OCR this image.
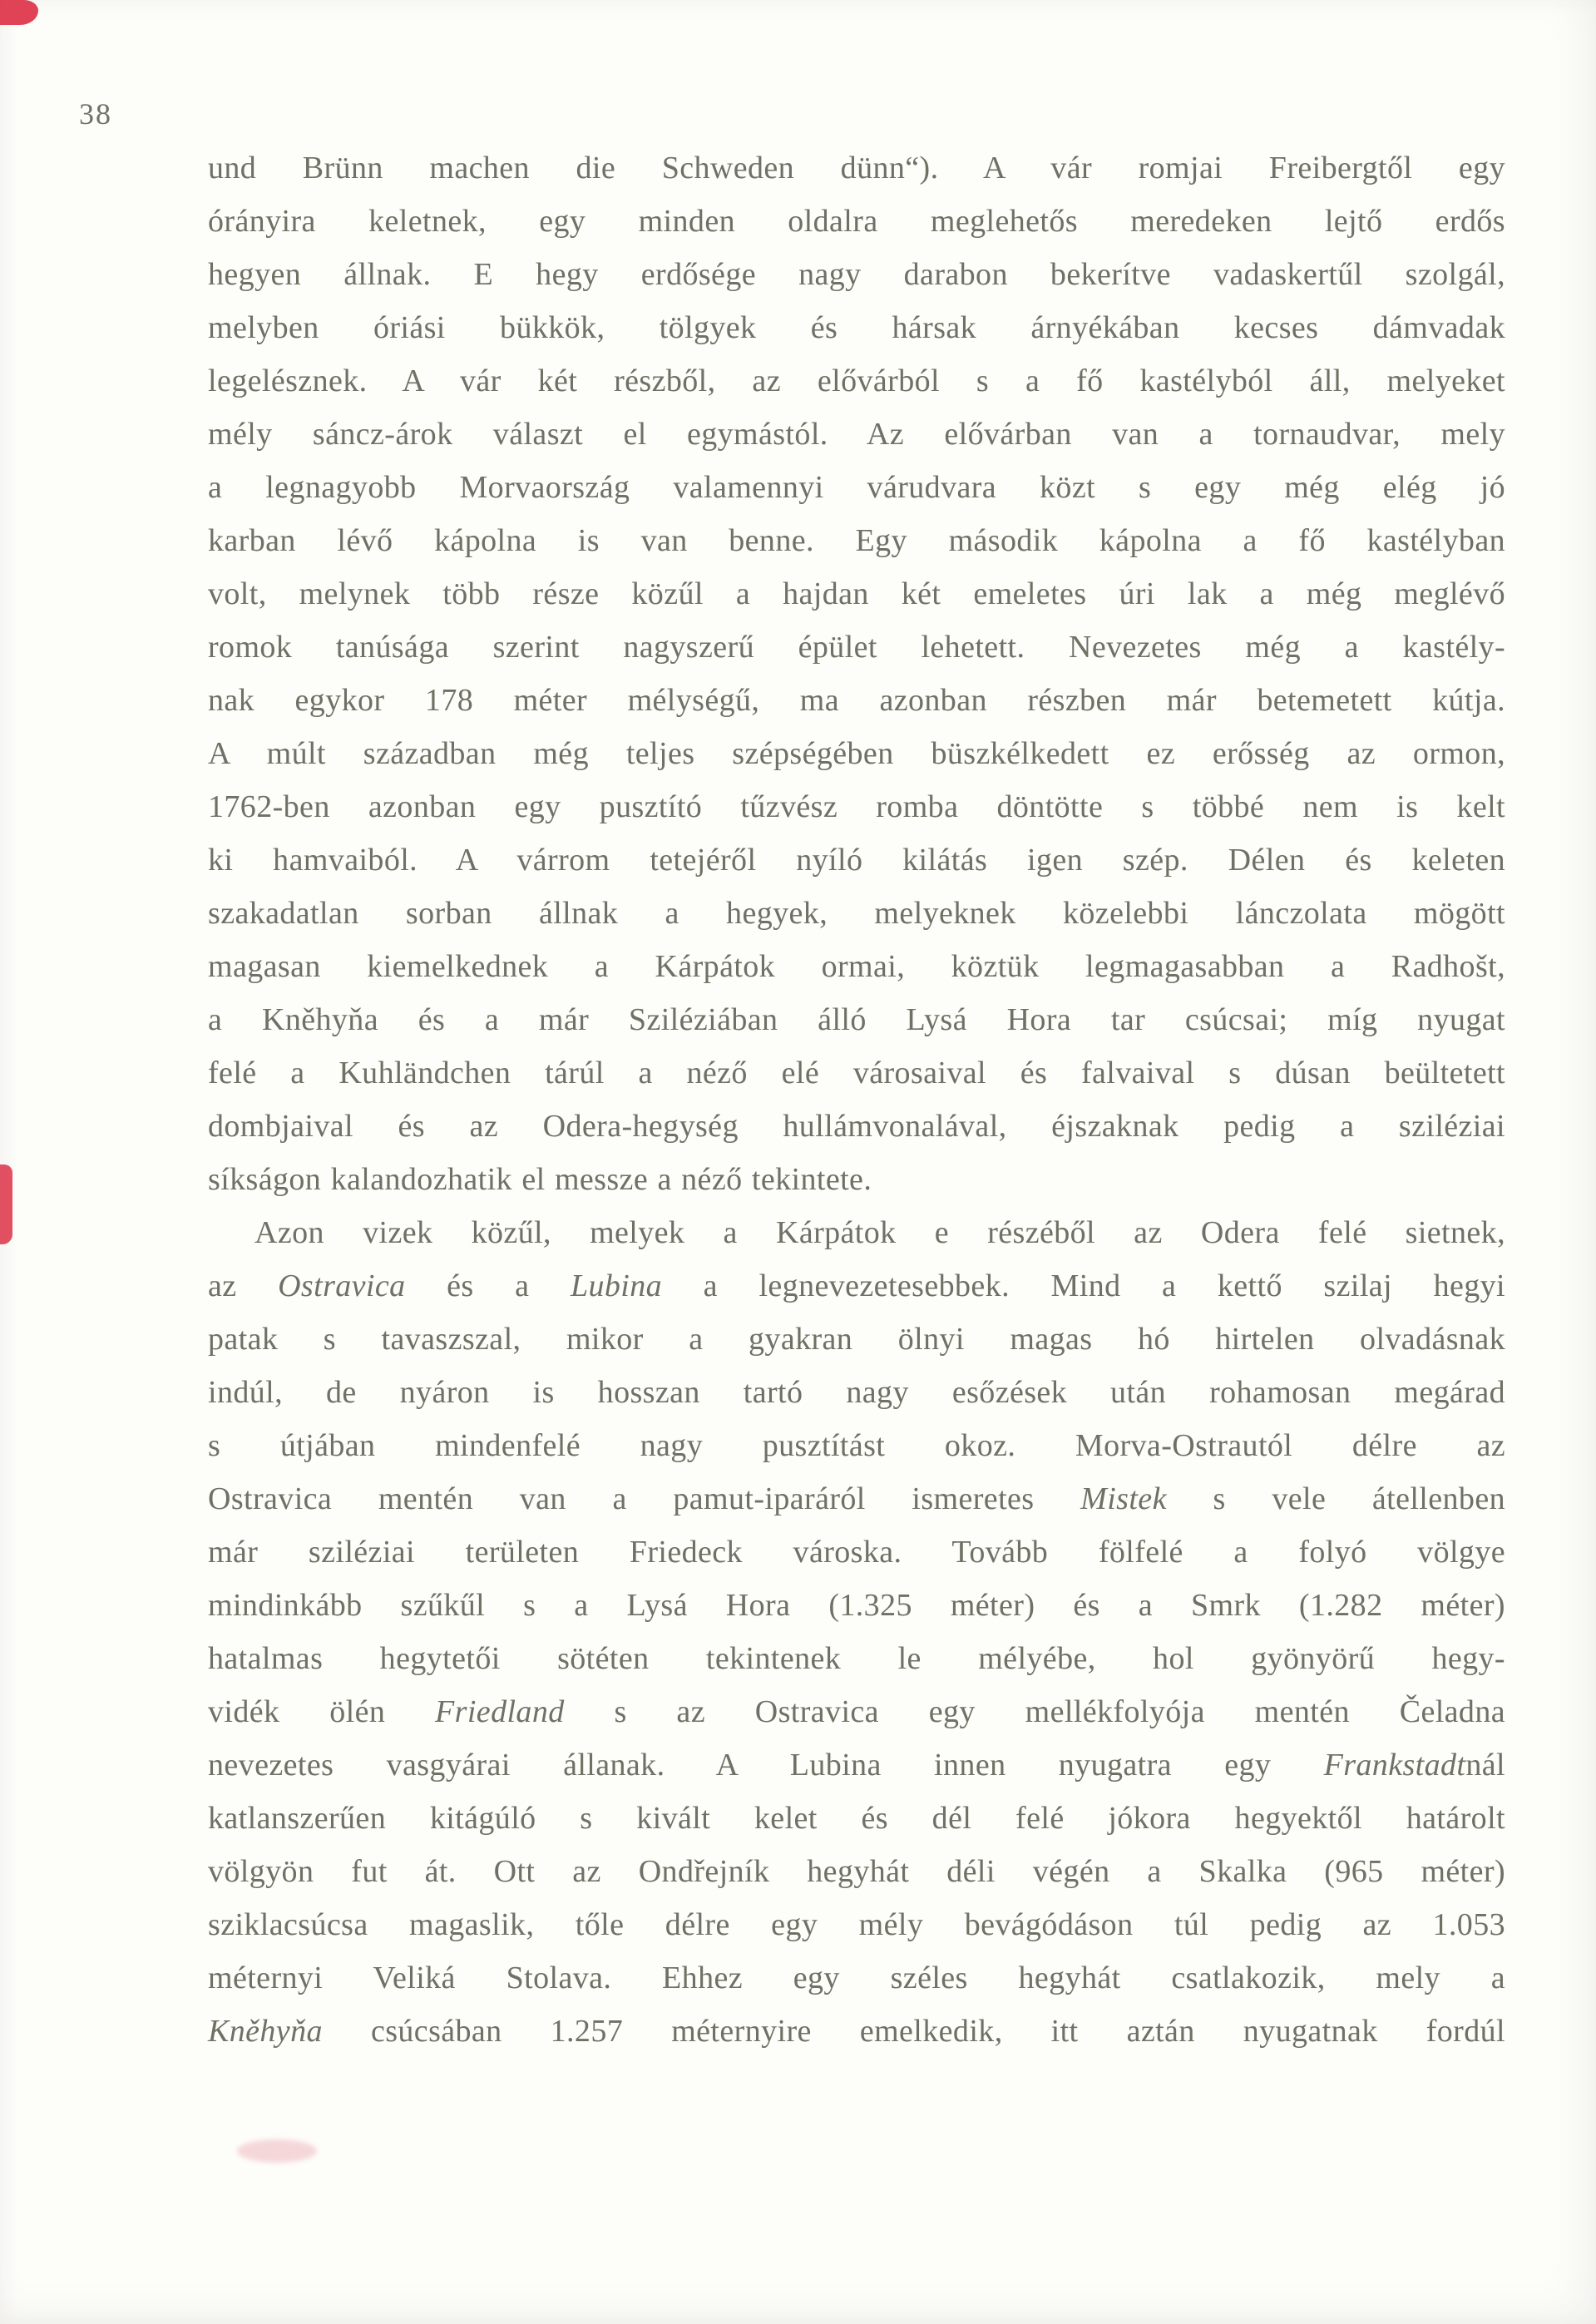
38
und Brünn machen die Schweden dünn“). A vár romjai Freibergtől egy
órányira keletnek, egy minden oldalra meglehetős meredeken lejtő erdős
hegyen állnak. E hegy erdősége nagy darabon bekerítve vadaskertűl szolgál,
melyben óriási bükkök, tölgyek és hársak árnyékában kecses dámvadak
legelésznek. A vár két részből, az elővárból s a fő kastélyból áll, melyeket
mély sáncz-árok választ el egymástól. Az elővárban van a tornaudvar, mely
a legnagyobb Morvaország valamennyi várudvara közt s egy még elég jó
karban lévő kápolna is van benne. Egy második kápolna a fő kastélyban
volt, melynek több része közűl a hajdan két emeletes úri lak a még meglévő
romok tanúsága szerint nagyszerű épület lehetett. Nevezetes még a kastély-
nak egykor 178 méter mélységű, ma azonban részben már betemetett kútja.
A múlt században még teljes szépségében büszkélkedett ez erősség az ormon,
1762-ben azonban egy pusztító tűzvész romba döntötte s többé nem is kelt
ki hamvaiból. A várrom tetejéről nyíló kilátás igen szép. Délen és keleten
szakadatlan sorban állnak a hegyek, melyeknek közelebbi lánczolata mögött
magasan kiemelkednek a Kárpátok ormai, köztük legmagasabban a Radhošt,
a Kněhyňa és a már Sziléziában álló Lysá Hora tar csúcsai; míg nyugat
felé a Kuhländchen tárúl a néző elé városaival és falvaival s dúsan beültetett
dombjaival és az Odera-hegység hullámvonalával, éjszaknak pedig a sziléziai
síkságon kalandozhatik el messze a néző tekintete.
Azon vizek közűl, melyek a Kárpátok e részéből az Odera felé sietnek,
az Ostravica és a Lubina a legnevezetesebbek. Mind a kettő szilaj hegyi
patak s tavaszszal, mikor a gyakran ölnyi magas hó hirtelen olvadásnak
indúl, de nyáron is hosszan tartó nagy esőzések után rohamosan megárad
s útjában mindenfelé nagy pusztítást okoz. Morva-Ostrautól délre az
Ostravica mentén van a pamut-iparáról ismeretes Mistek s vele átellenben
már sziléziai területen Friedeck városka. Tovább fölfelé a folyó völgye
mindinkább szűkűl s a Lysá Hora (1.325 méter) és a Smrk (1.282 méter)
hatalmas hegytetői sötéten tekintenek le mélyébe, hol gyönyörű hegy-
vidék ölén Friedland s az Ostravica egy mellékfolyója mentén Čeladna
nevezetes vasgyárai állanak. A Lubina innen nyugatra egy Frankstadtnál
katlanszerűen kitágúló s kivált kelet és dél felé jókora hegyektől határolt
völgyön fut át. Ott az Ondřejník hegyhát déli végén a Skalka (965 méter)
sziklacsúcsa magaslik, tőle délre egy mély bevágódáson túl pedig az 1.053
méternyi Veliká Stolava. Ehhez egy széles hegyhát csatlakozik, mely a
Kněhyňa csúcsában 1.257 méternyire emelkedik, itt aztán nyugatnak fordúl
